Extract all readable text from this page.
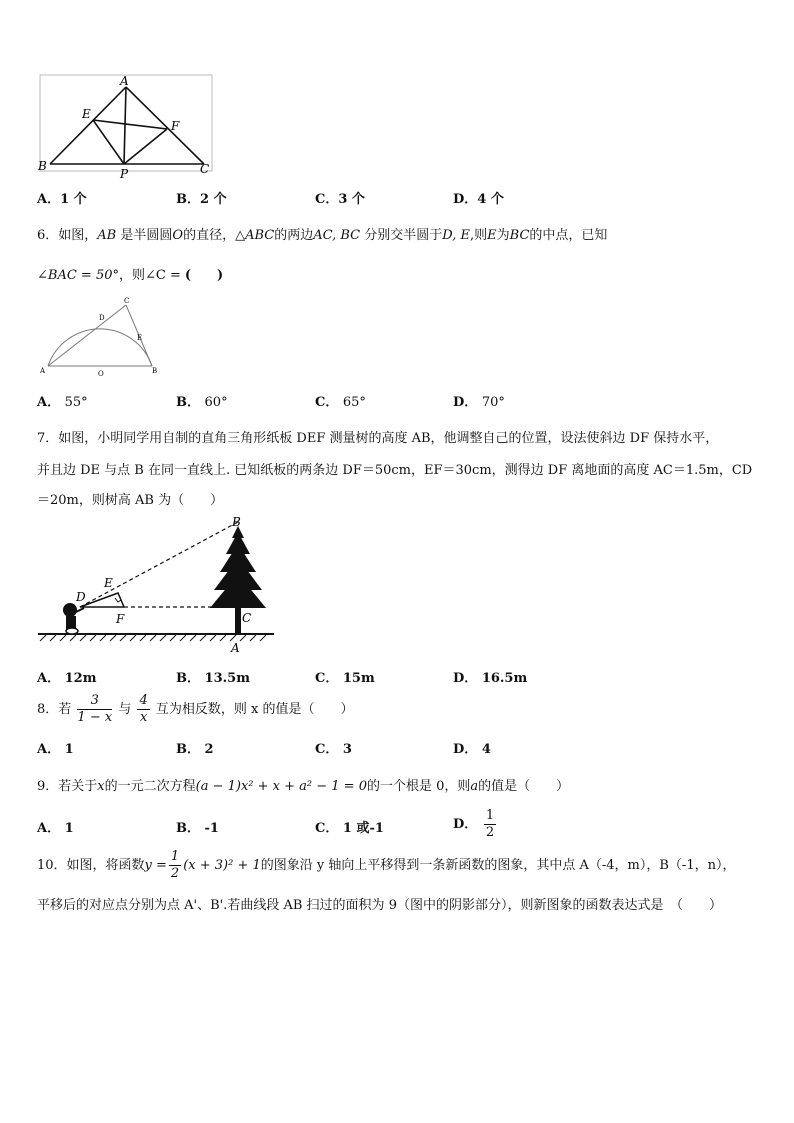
A
E
F
B
P	C
A．1 个	B．2 个	C．3 个	D．4 个
6．如图，AB 是半圆圆O的直径，△ABC的两边AC, BC 分别交半圆于D, E,则E为BC的中点，已知
∠BAC = 50°，则∠C = (　　)
A	O	B
C
D
E
A． 55°	B． 60°	C． 65°	D． 70°
7．如图，小明同学用自制的直角三角形纸板 DEF 测量树的高度 AB，他调整自己的位置，设法使斜边 DF 保持水平，
并且边 DE 与点 B 在同一直线上. 已知纸板的两条边 DF＝50cm，EF＝30cm，测得边 DF 离地面的高度 AC＝1.5m，CD
＝20m，则树高 AB 为（　　）
B
E
D
F	C
A
A． 12m	B． 13.5m	C． 15m	D． 16.5m
8．若 $\frac{3}{1 - x}$ 与 $\frac{4}{x}$ 互为相反数，则 x 的值是（　　）
A． 1	B． 2	C． 3	D． 4
9．若关于x的一元二次方程(a − 1)x² + x + a² − 1 = 0的一个根是 0，则a的值是（　　）
A． 1	B． -1	C． 1 或-1	D． $\frac{1}{2}$
10．如图，将函数$y = \frac{1}{2} (x + 3)^2 + 1$的图象沿 y 轴向上平移得到一条新函数的图象，其中点 A（-4，m），B（-1，n），
平移后的对应点分别为点 A'、B'.若曲线段 AB 扫过的面积为 9（图中的阴影部分），则新图象的函数表达式是　（　　）
